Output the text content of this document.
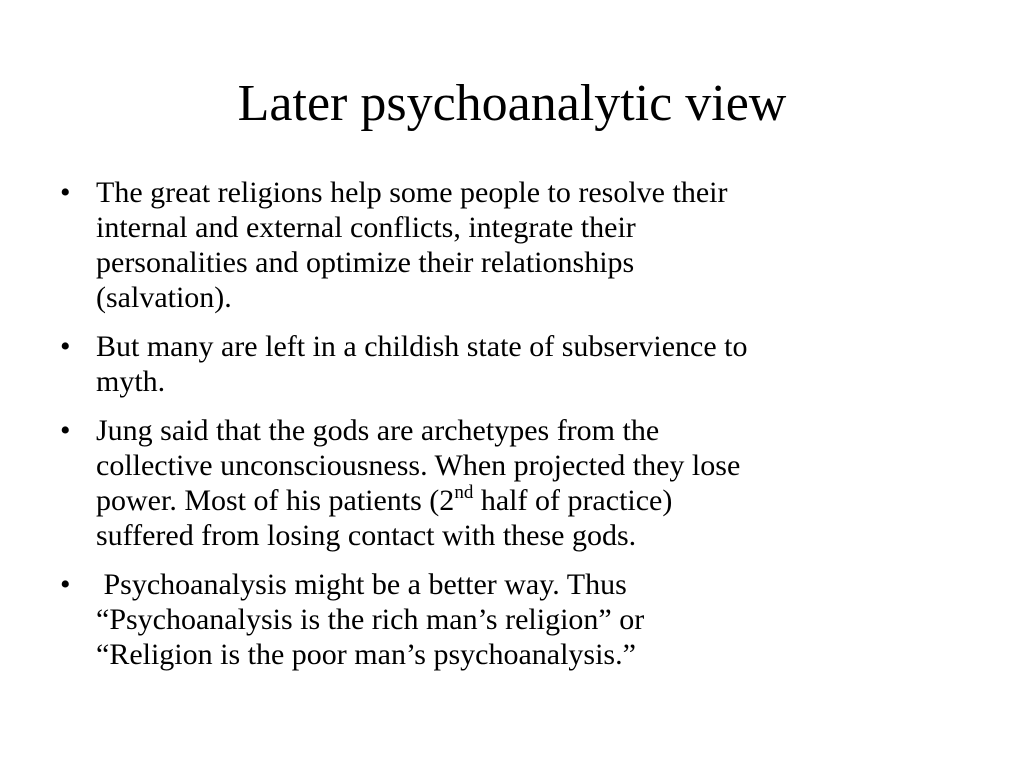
Later psychoanalytic view
• The great religions help some people to resolve their
internal and external conflicts, integrate their
personalities and optimize their relationships
(salvation).
• But many are left in a childish state of subservience to
myth.
• Jung said that the gods are archetypes from the
collective unconsciousness. When projected they lose
power. Most of his patients (2nd half of practice)
suffered from losing contact with these gods.
• Psychoanalysis might be a better way. Thus
“Psychoanalysis is the rich man’s religion” or
“Religion is the poor man’s psychoanalysis.”
